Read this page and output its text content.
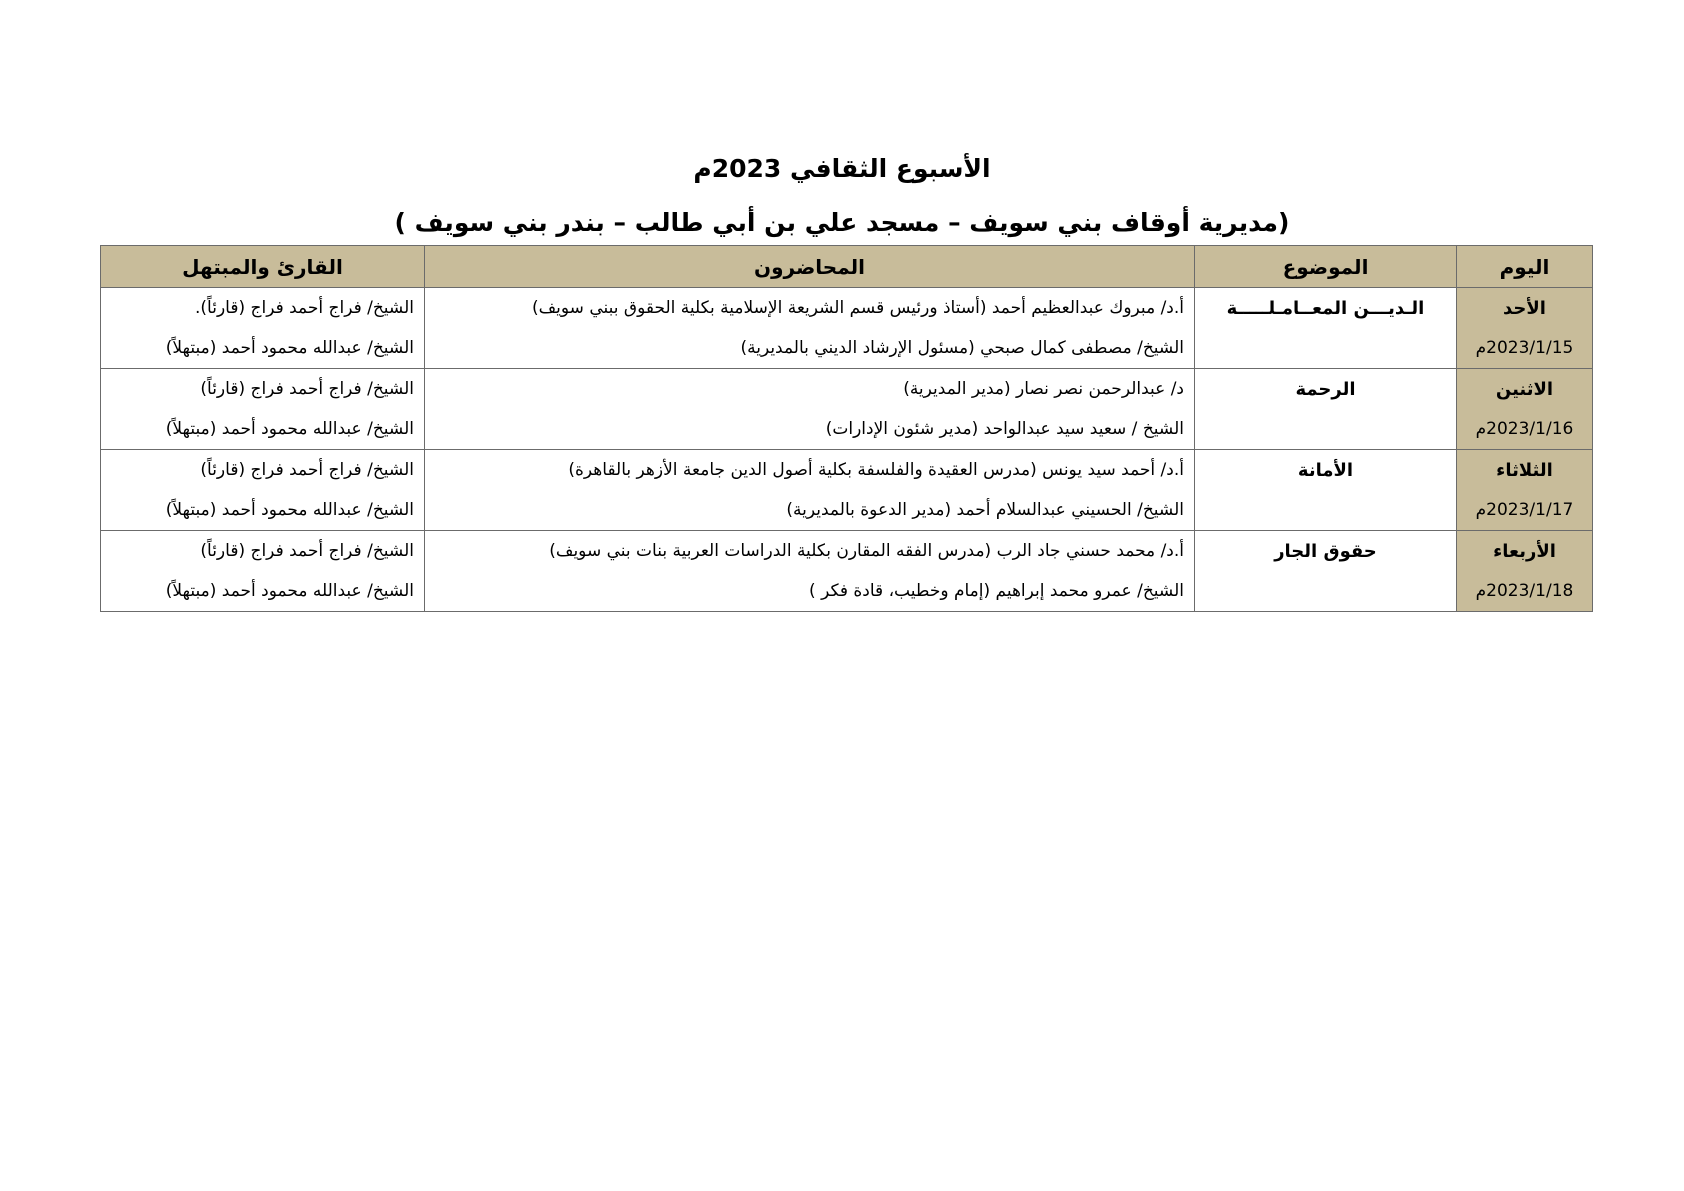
الأسبوع الثقافي 2023م
(مديرية أوقاف بني سويف – مسجد علي بن أبي طالب – بندر بني سويف )
اليوم	الموضوع	المحاضرون	القارئ والمبتهل
الأحد	الـديـــن المعــامـلـــــة	أ.د/ مبروك عبدالعظيم أحمد (أستاذ ورئيس قسم الشريعة الإسلامية بكلية الحقوق ببني سويف)	الشيخ/ فراج أحمد فراج (قارئاً).
2023/1/15م		الشيخ/ مصطفى كمال صبحي (مسئول الإرشاد الديني بالمديرية)	الشيخ/ عبدالله محمود أحمد (مبتهلاً)
الاثنين	الرحمة	د/ عبدالرحمن نصر نصار (مدير المديرية)	الشيخ/ فراج أحمد فراج (قارئاً)
2023/1/16م		الشيخ / سعيد سيد عبدالواحد (مدير شئون الإدارات)	الشيخ/ عبدالله محمود أحمد (مبتهلاً)
الثلاثاء	الأمانة	أ.د/ أحمد سيد يونس (مدرس العقيدة والفلسفة بكلية أصول الدين جامعة الأزهر بالقاهرة)	الشيخ/ فراج أحمد فراج (قارئاً)
2023/1/17م		الشيخ/ الحسيني عبدالسلام أحمد (مدير الدعوة بالمديرية)	الشيخ/ عبدالله محمود أحمد (مبتهلاً)
الأربعاء	حقوق الجار	أ.د/ محمد حسني جاد الرب (مدرس الفقه المقارن بكلية الدراسات العربية بنات بني سويف)	الشيخ/ فراج أحمد فراج (قارئاً)
2023/1/18م		الشيخ/ عمرو محمد إبراهيم (إمام وخطيب، قادة فكر )	الشيخ/ عبدالله محمود أحمد (مبتهلاً)
